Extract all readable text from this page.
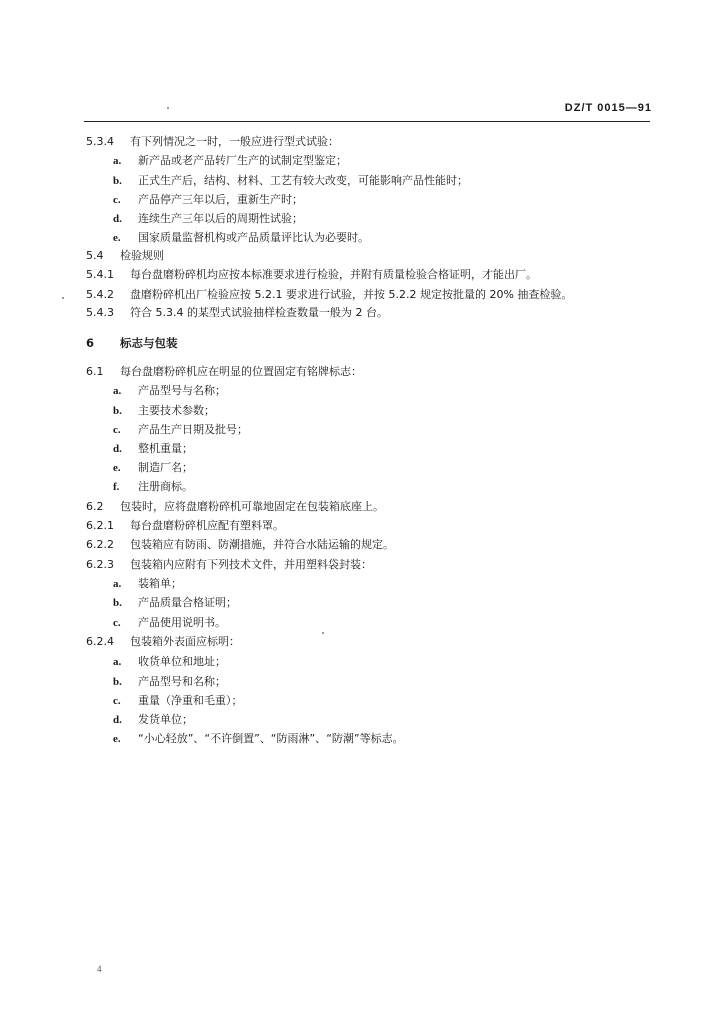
DZ/T 0015—91
5.3.4 有下列情况之一时，一般应进行型式试验：
a. 新产品或老产品转厂生产的试制定型鉴定；
b. 正式生产后，结构、材料、工艺有较大改变，可能影响产品性能时；
c. 产品停产三年以后，重新生产时；
d. 连续生产三年以后的周期性试验；
e. 国家质量监督机构或产品质量评比认为必要时。
5.4 检验规则
5.4.1 每台盘磨粉碎机均应按本标准要求进行检验，并附有质量检验合格证明，才能出厂。
5.4.2 盘磨粉碎机出厂检验应按 5.2.1 要求进行试验，并按 5.2.2 规定按批量的 20% 抽查检验。
5.4.3 符合 5.3.4 的某型式试验抽样检查数量一般为 2 台。
6 标志与包装
6.1 每台盘磨粉碎机应在明显的位置固定有铭牌标志：
a. 产品型号与名称；
b. 主要技术参数；
c. 产品生产日期及批号；
d. 整机重量；
e. 制造厂名；
f. 注册商标。
6.2 包装时，应将盘磨粉碎机可靠地固定在包装箱底座上。
6.2.1 每台盘磨粉碎机应配有塑料罩。
6.2.2 包装箱应有防雨、防潮措施，并符合水陆运输的规定。
6.2.3 包装箱内应附有下列技术文件，并用塑料袋封装：
a. 装箱单；
b. 产品质量合格证明；
c. 产品使用说明书。
6.2.4 包装箱外表面应标明：
a. 收货单位和地址；
b. 产品型号和名称；
c. 重量（净重和毛重）；
d. 发货单位；
e. “小心轻放”、“不许倒置”、“防雨淋”、“防潮”等标志。
4
